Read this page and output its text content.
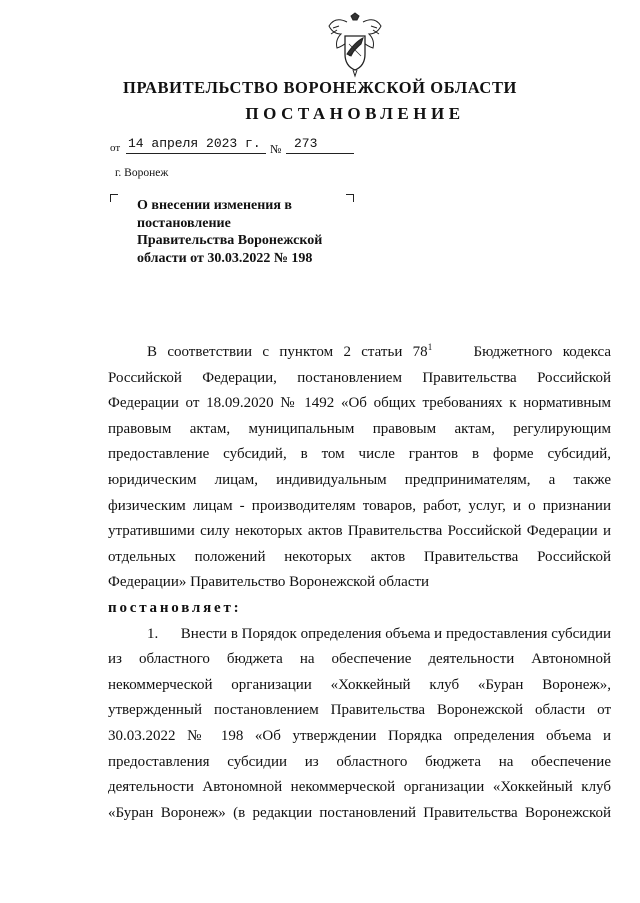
ПРАВИТЕЛЬСТВО ВОРОНЕЖСКОЙ ОБЛАСТИ
ПОСТАНОВЛЕНИЕ
от 14 апреля 2023 г. № 273
г. Воронеж
О внесении изменения в
постановление
Правительства Воронежской
области от 30.03.2022 № 198
В соответствии с пунктом 2 статьи $78^1$	Бюджетного кодекса Российской Федерации, постановлением Правительства Российской Федерации от 18.09.2020 № 1492 «Об общих требованиях к нормативным правовым актам, муниципальным правовым актам, регулирующим предоставление субсидий, в том числе грантов в форме субсидий, юридическим лицам, индивидуальным предпринимателям, а также физическим лицам - производителям товаров, работ, услуг, и о признании утратившими силу некоторых актов Правительства Российской Федерации и отдельных положений некоторых актов Правительства Российской Федерации» Правительство Воронежской области
постановляет:
1. Внести в Порядок определения объема и предоставления субсидии из областного бюджета на обеспечение деятельности Автономной некоммерческой организации «Хоккейный клуб «Буран Воронеж», утвержденный постановлением Правительства Воронежской области от 30.03.2022 № 198 «Об утверждении Порядка определения объема и предоставления субсидии из областного бюджета на обеспечение деятельности Автономной некоммерческой организации «Хоккейный клуб «Буран Воронеж» (в редакции постановлений Правительства Воронежской
